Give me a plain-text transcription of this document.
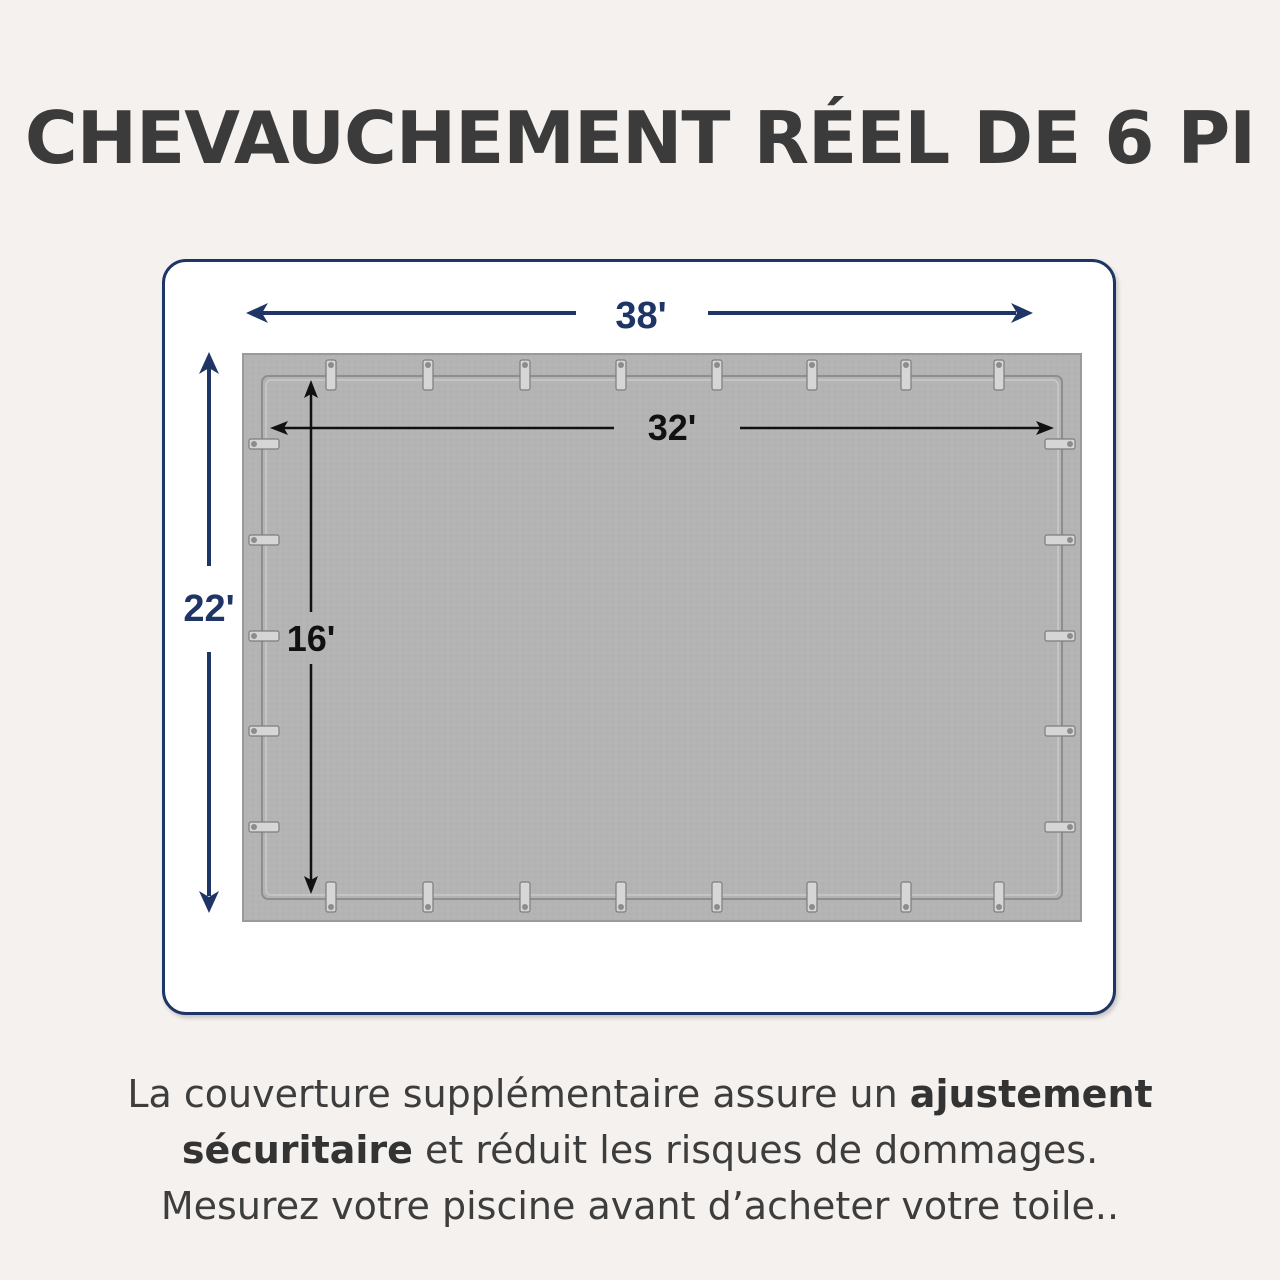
CHEVAUCHEMENT RÉEL DE 6 PI
38'
22'
32'
16'
La couverture supplémentaire assure un ajustement
sécuritaire et réduit les risques de dommages.
Mesurez votre piscine avant d’acheter votre toile..
